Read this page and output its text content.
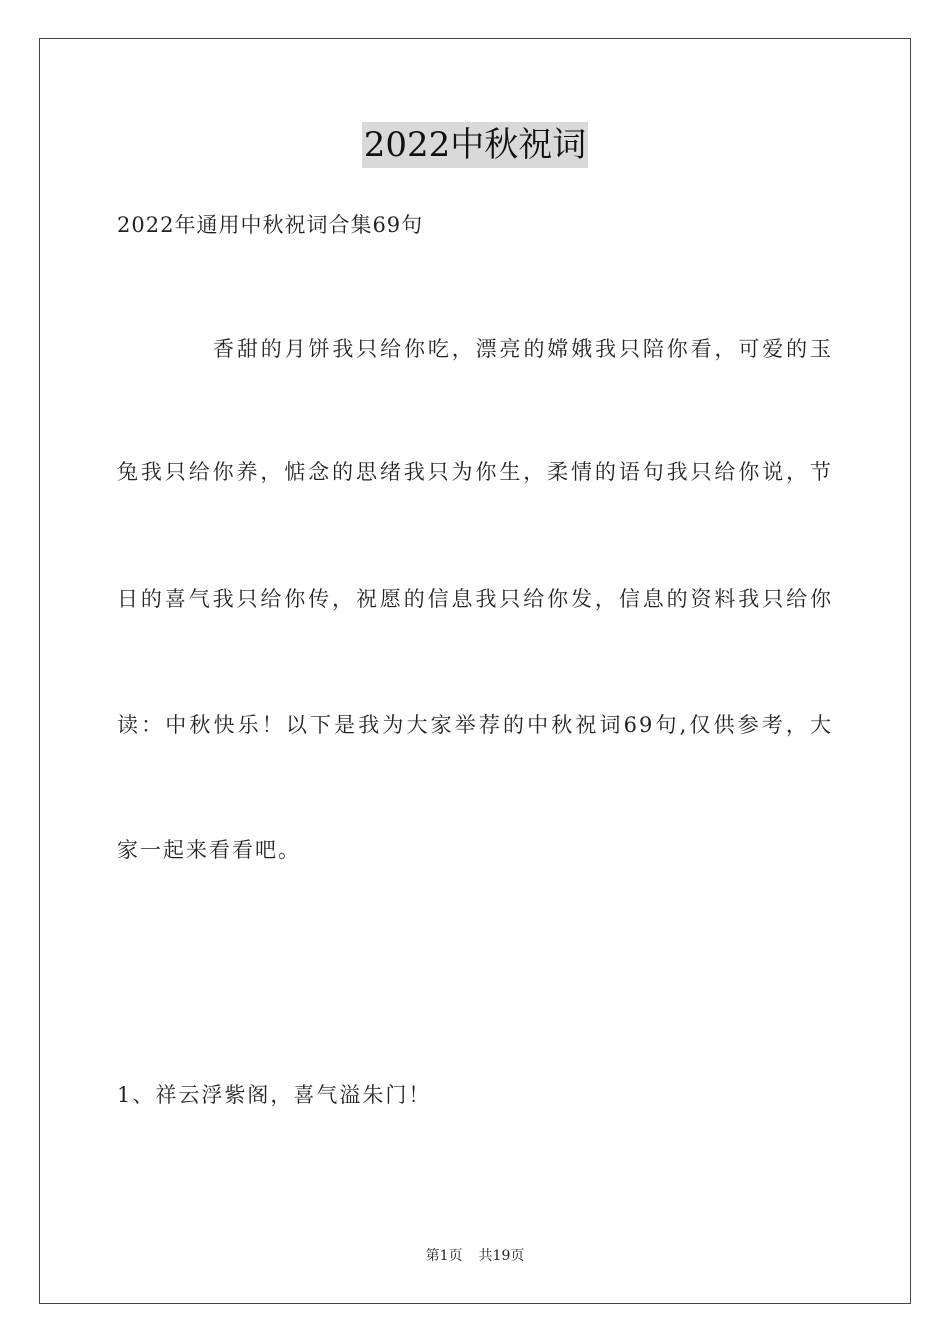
2022中秋祝词
2022年通用中秋祝词合集69句
香甜的月饼我只给你吃，漂亮的嫦娥我只陪你看，可爱的玉
兔我只给你养，惦念的思绪我只为你生，柔情的语句我只给你说，节
日的喜气我只给你传，祝愿的信息我只给你发，信息的资料我只给你
读：中秋快乐！以下是我为大家举荐的中秋祝词69句,仅供参考，大
家一起来看看吧。
1、祥云浮紫阁，喜气溢朱门！
第1页 共19页
